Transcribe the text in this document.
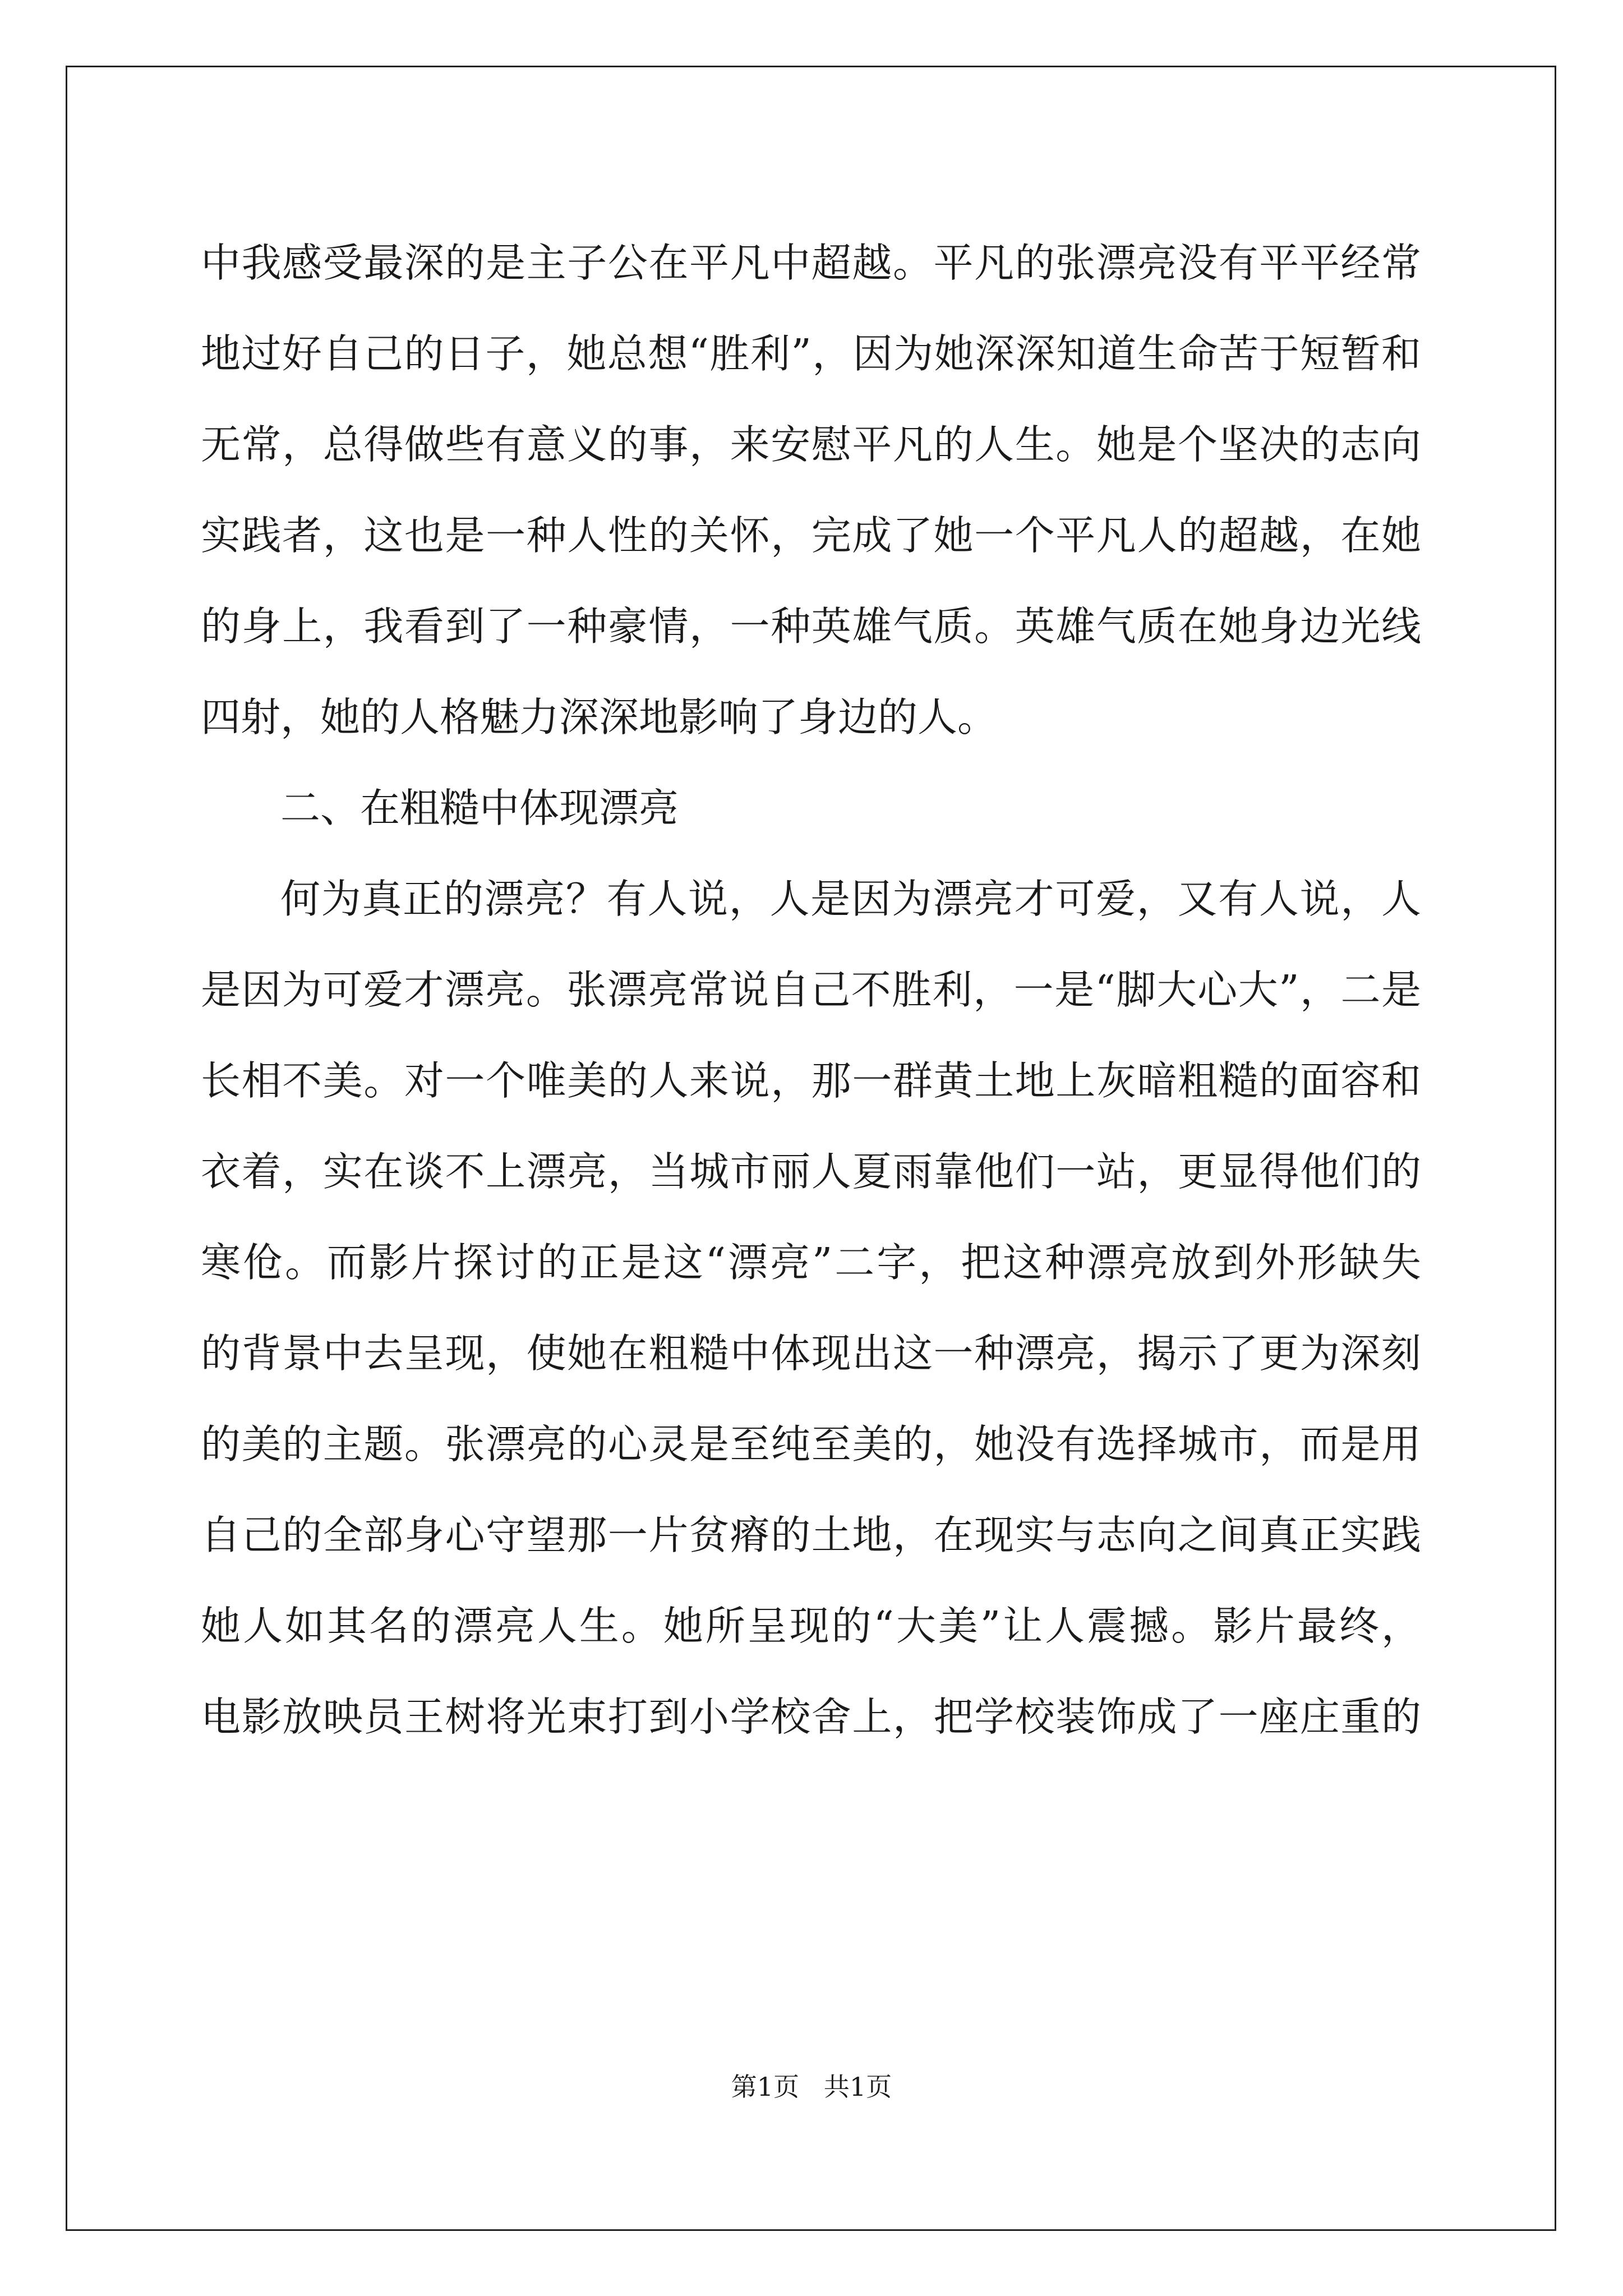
中我感受最深的是主子公在平凡中超越。平凡的张漂亮没有平平经常
地过好自己的日子，她总想“胜利”，因为她深深知道生命苦于短暂和
无常，总得做些有意义的事，来安慰平凡的人生。她是个坚决的志向
实践者，这也是一种人性的关怀，完成了她一个平凡人的超越，在她
的身上，我看到了一种豪情，一种英雄气质。英雄气质在她身边光线
四射，她的人格魅力深深地影响了身边的人。
二、在粗糙中体现漂亮
何为真正的漂亮？有人说，人是因为漂亮才可爱，又有人说，人
是因为可爱才漂亮。张漂亮常说自己不胜利，一是“脚大心大”，二是
长相不美。对一个唯美的人来说，那一群黄土地上灰暗粗糙的面容和
衣着，实在谈不上漂亮，当城市丽人夏雨靠他们一站，更显得他们的
寒伧。而影片探讨的正是这“漂亮”二字，把这种漂亮放到外形缺失
的背景中去呈现，使她在粗糙中体现出这一种漂亮，揭示了更为深刻
的美的主题。张漂亮的心灵是至纯至美的，她没有选择城市，而是用
自己的全部身心守望那一片贫瘠的土地，在现实与志向之间真正实践
她人如其名的漂亮人生。她所呈现的“大美”让人震撼。影片最终，
电影放映员王树将光束打到小学校舍上，把学校装饰成了一座庄重的
第1页   共1页
